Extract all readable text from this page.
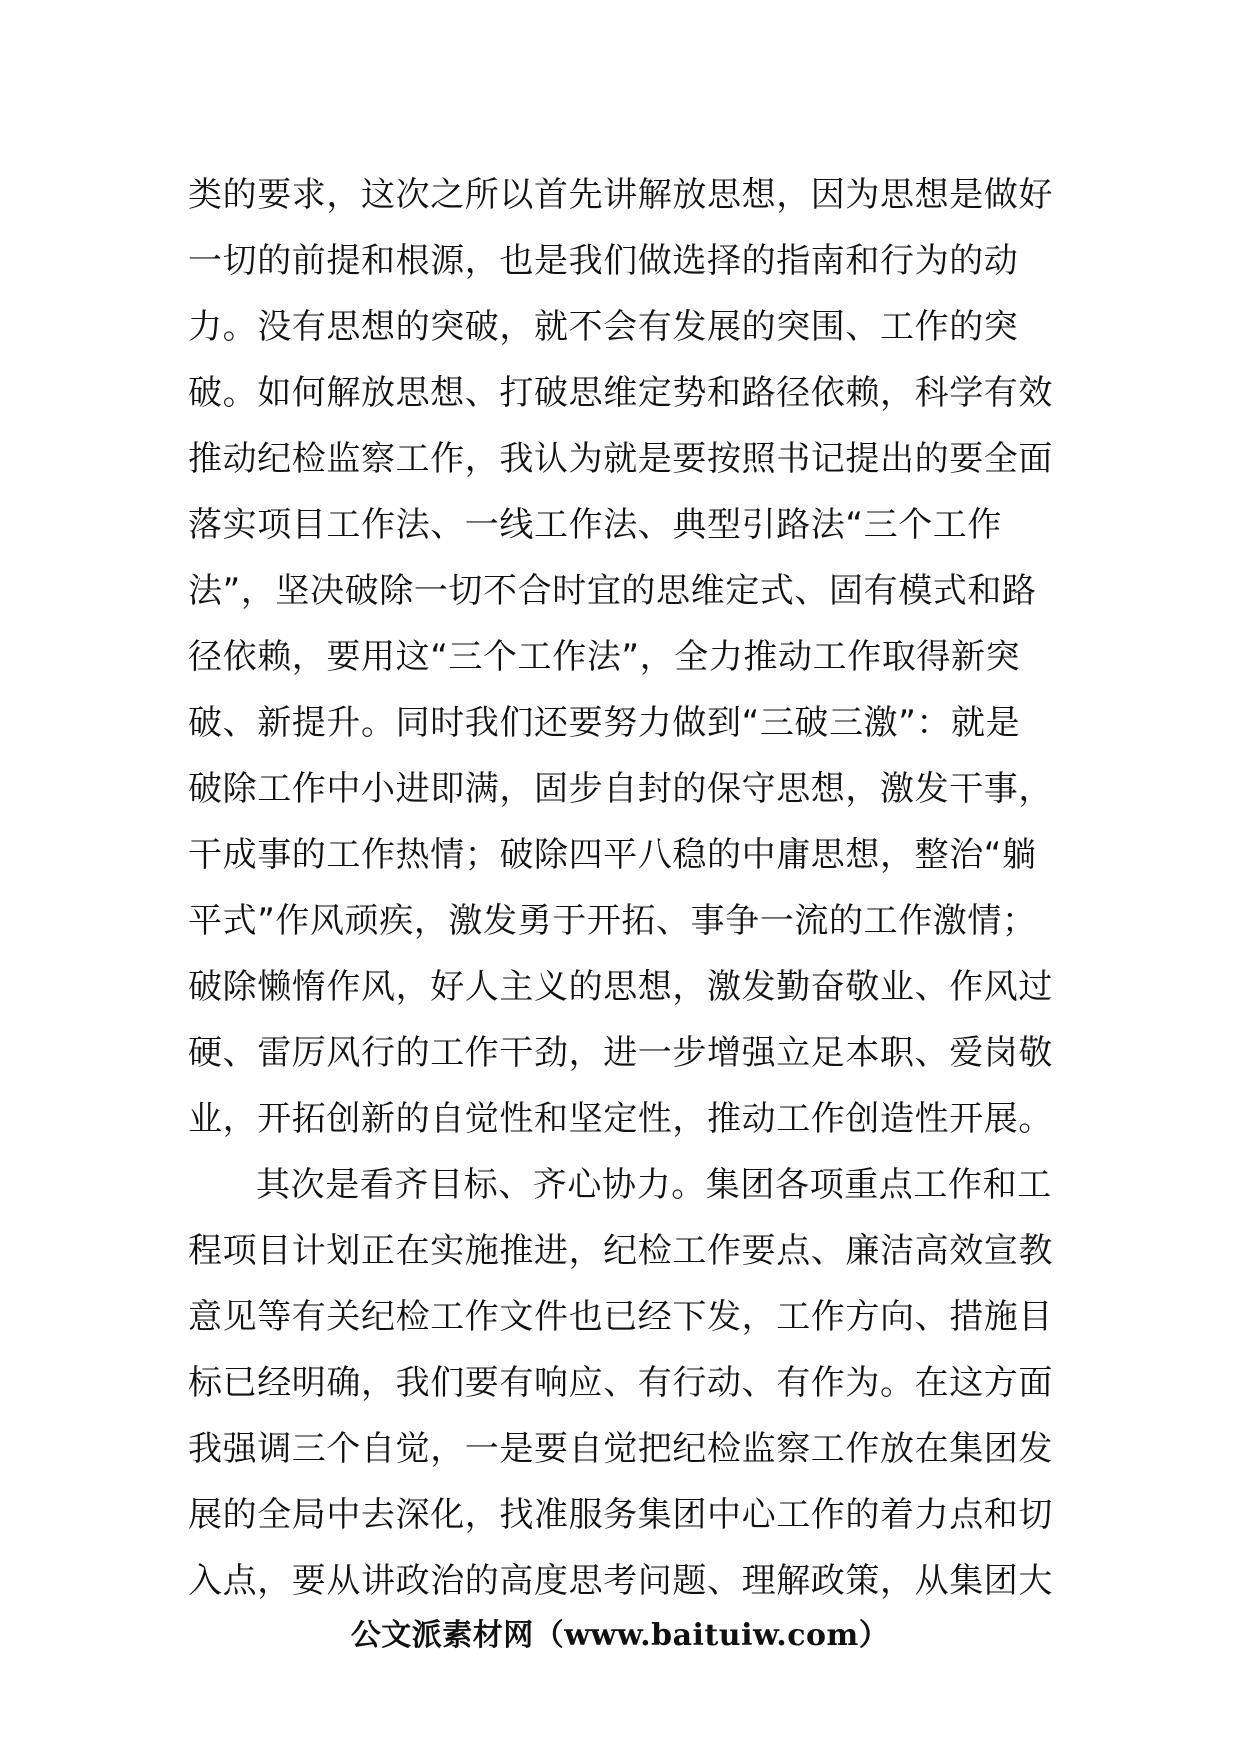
类的要求，这次之所以首先讲解放思想，因为思想是做好
一切的前提和根源，也是我们做选择的指南和行为的动
力。没有思想的突破，就不会有发展的突围、工作的突
破。如何解放思想、打破思维定势和路径依赖，科学有效
推动纪检监察工作，我认为就是要按照书记提出的要全面
落实项目工作法、一线工作法、典型引路法“三个工作
法”，坚决破除一切不合时宜的思维定式、固有模式和路
径依赖，要用这“三个工作法”，全力推动工作取得新突
破、新提升。同时我们还要努力做到“三破三激”：就是
破除工作中小进即满，固步自封的保守思想，激发干事，
干成事的工作热情；破除四平八稳的中庸思想，整治“躺
平式”作风顽疾，激发勇于开拓、事争一流的工作激情；
破除懒惰作风，好人主义的思想，激发勤奋敬业、作风过
硬、雷厉风行的工作干劲，进一步增强立足本职、爱岗敬
业，开拓创新的自觉性和坚定性，推动工作创造性开展。
其次是看齐目标、齐心协力。集团各项重点工作和工
程项目计划正在实施推进，纪检工作要点、廉洁高效宣教
意见等有关纪检工作文件也已经下发，工作方向、措施目
标已经明确，我们要有响应、有行动、有作为。在这方面
我强调三个自觉，一是要自觉把纪检监察工作放在集团发
展的全局中去深化，找准服务集团中心工作的着力点和切
入点，要从讲政治的高度思考问题、理解政策，从集团大
公文派素材网（www.baituiw.com）
